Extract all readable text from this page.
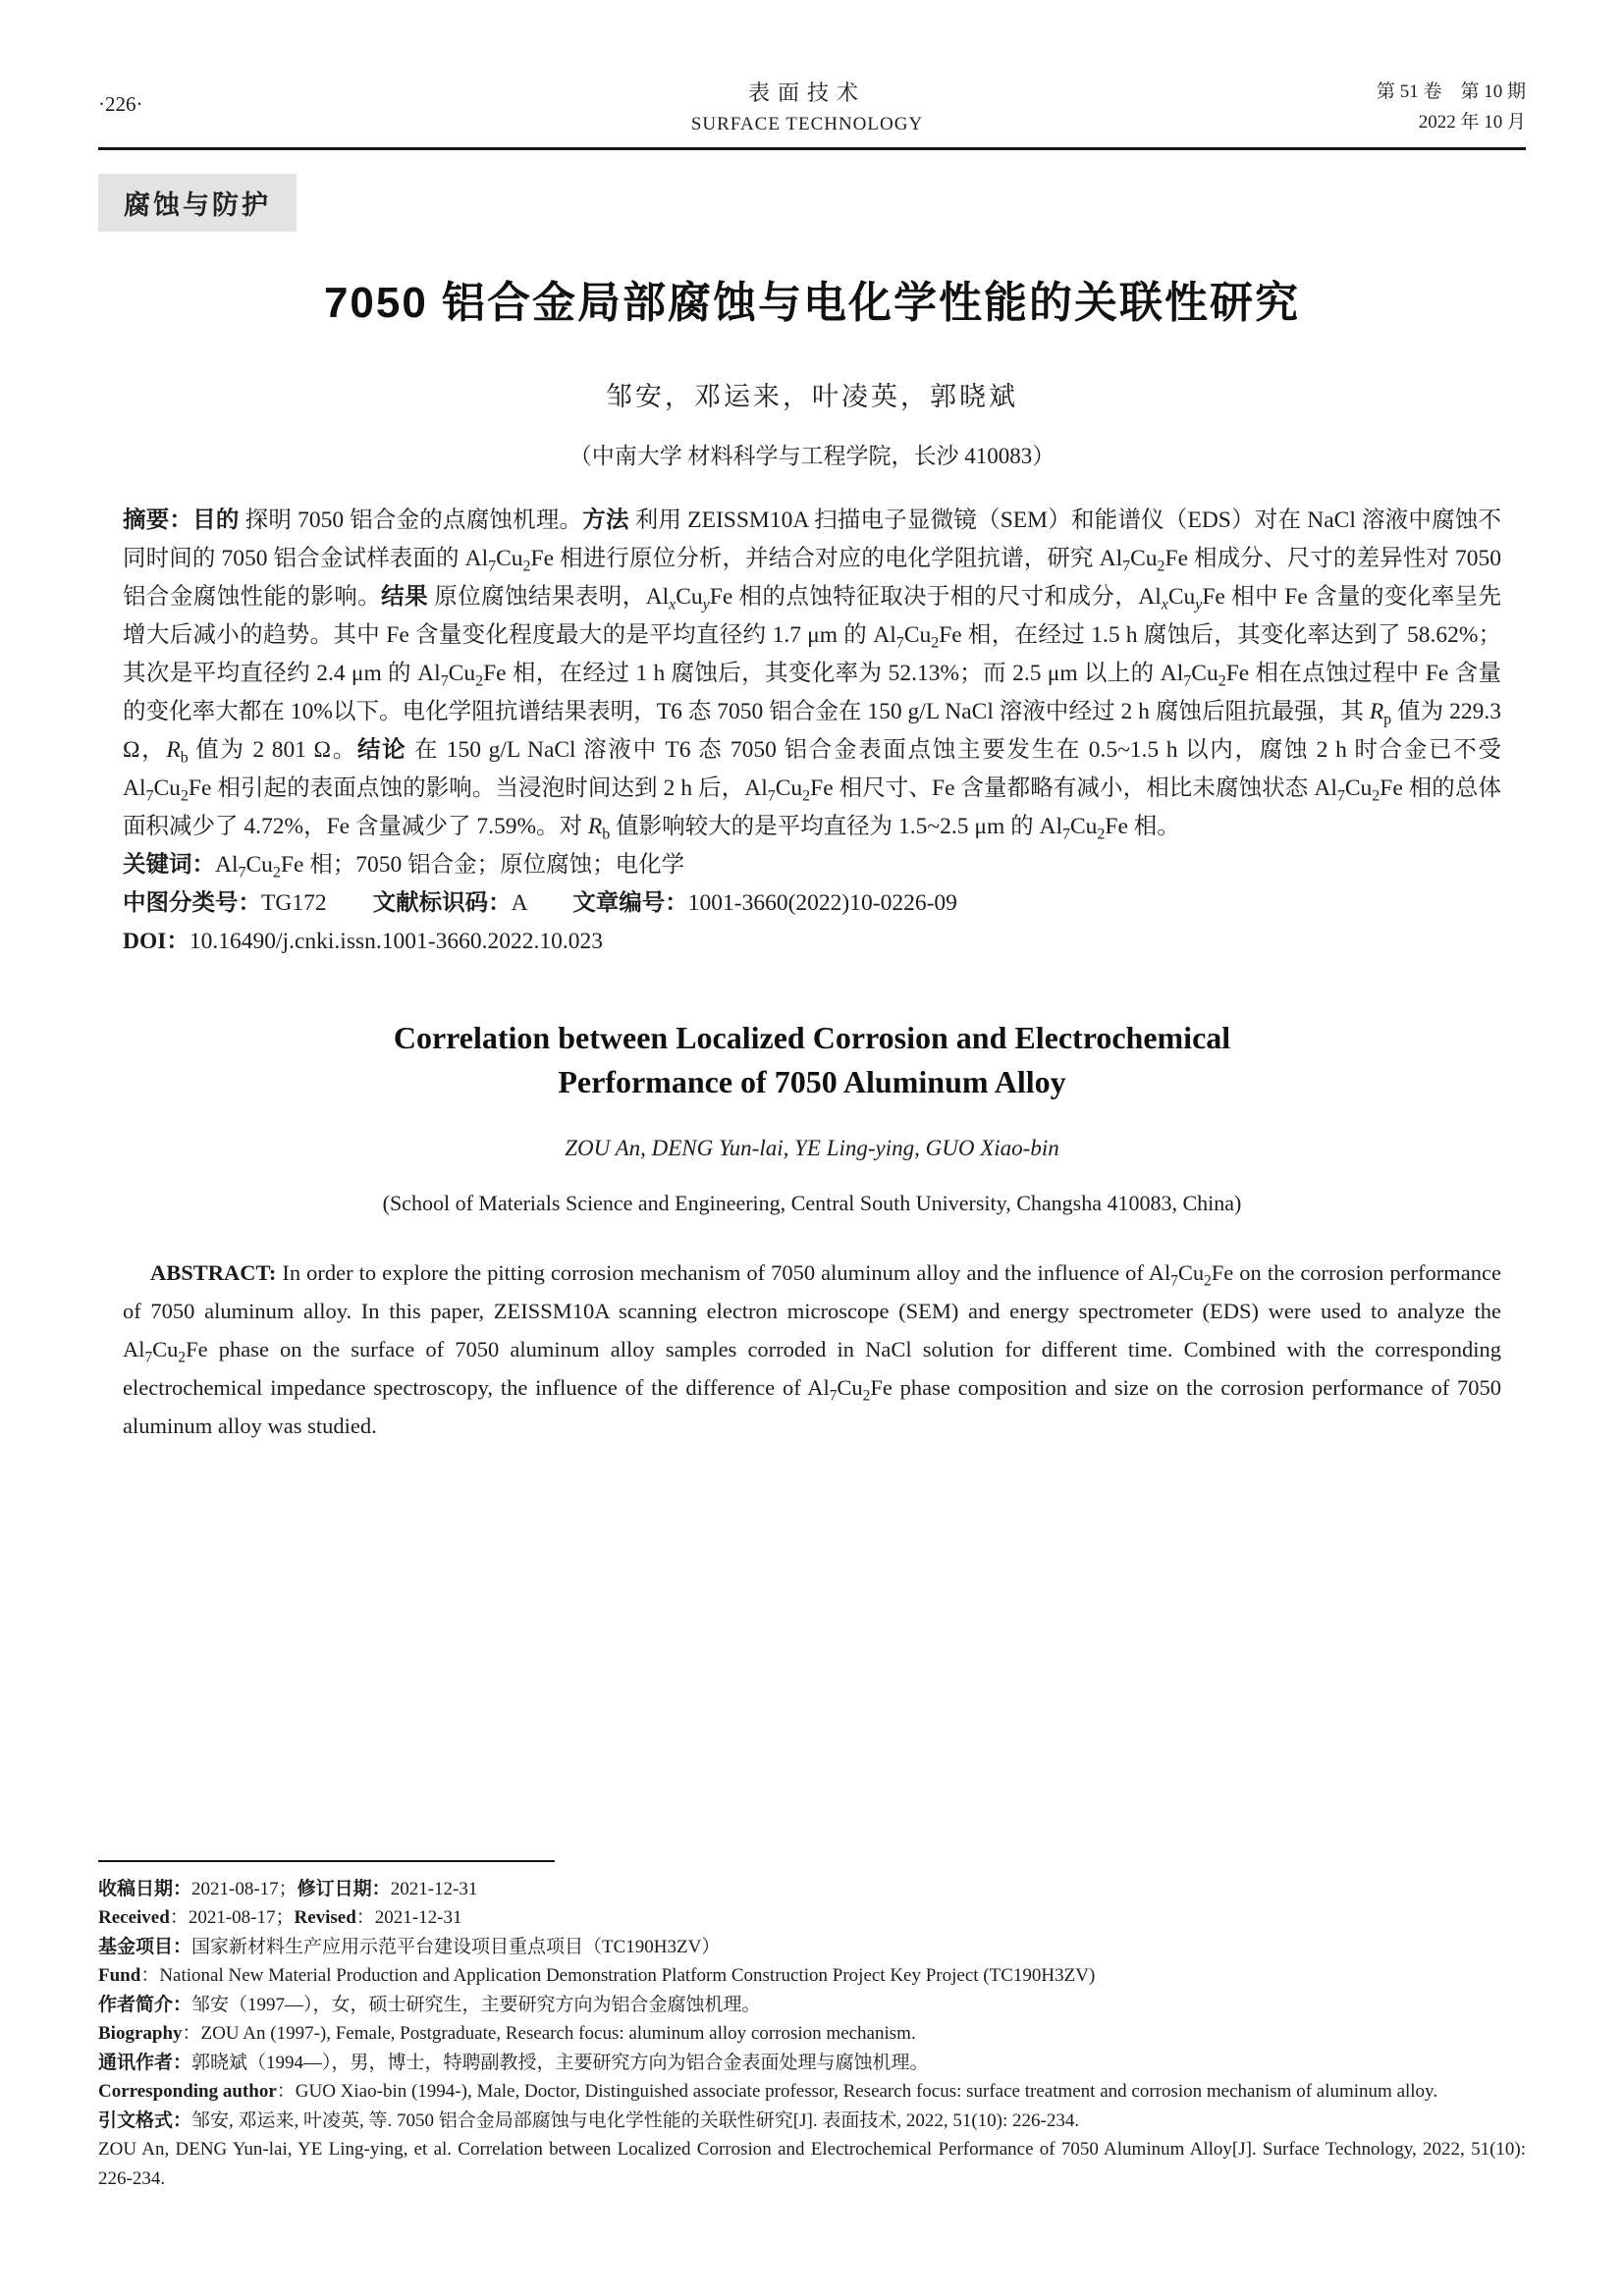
·226·	表面技术
SURFACE TECHNOLOGY
第 51 卷　第 10 期
2022 年 10 月
腐蚀与防护
7050 铝合金局部腐蚀与电化学性能的关联性研究
邹安，邓运来，叶凌英，郭晓斌
（中南大学 材料科学与工程学院，长沙 410083）

摘要：目的 探明 7050 铝合金的点腐蚀机理。方法 利用 ZEISSM10A 扫描电子显微镜（SEM）和能谱仪（EDS）对在 NaCl 溶液中腐蚀不同时间的 7050 铝合金试样表面的 $Al_7Cu_2Fe$ 相进行原位分析，并结合对应的电化学阻抗谱，研究 $Al_7Cu_2Fe$ 相成分、尺寸的差异性对 7050 铝合金腐蚀性能的影响。结果 原位腐蚀结果表明，$Al_xCu_yFe$ 相的点蚀特征取决于相的尺寸和成分，$Al_xCu_yFe$ 相中 Fe 含量的变化率呈先增大后减小的趋势。其中 Fe 含量变化程度最大的是平均直径约 1.7 μm 的 $Al_7Cu_2Fe$ 相，在经过 1.5 h 腐蚀后，其变化率达到了 58.62%；其次是平均直径约 2.4 μm 的 $Al_7Cu_2Fe$ 相，在经过 1 h 腐蚀后，其变化率为 52.13%；而 2.5 μm 以上的 $Al_7Cu_2Fe$ 相在点蚀过程中 Fe 含量的变化率大都在 10%以下。电化学阻抗谱结果表明，T6 态 7050 铝合金在 150 g/L NaCl 溶液中经过 2 h 腐蚀后阻抗最强，其 $R_p$ 值为 229.3 Ω，$R_b$ 值为 2 801 Ω。结论 在 150 g/L NaCl 溶液中 T6 态 7050 铝合金表面点蚀主要发生在 0.5~1.5 h 以内，腐蚀 2 h 时合金已不受 $Al_7Cu_2Fe$ 相引起的表面点蚀的影响。当浸泡时间达到 2 h 后，$Al_7Cu_2Fe$ 相尺寸、Fe 含量都略有减小，相比未腐蚀状态 $Al_7Cu_2Fe$ 相的总体面积减少了 4.72%，Fe 含量减少了 7.59%。对 $R_b$ 值影响较大的是平均直径为 1.5~2.5 μm 的 $Al_7Cu_2Fe$ 相。

关键词：$Al_7Cu_2Fe$ 相；7050 铝合金；原位腐蚀；电化学

中图分类号：TG172　　文献标识码：A　　文章编号：1001-3660(2022)10-0226-09

DOI：10.16490/j.cnki.issn.1001-3660.2022.10.023

Correlation between Localized Corrosion and Electrochemical
Performance of 7050 Aluminum Alloy
ZOU An, DENG Yun-lai, YE Ling-ying, GUO Xiao-bin
(School of Materials Science and Engineering, Central South University, Changsha 410083, China)

ABSTRACT: In order to explore the pitting corrosion mechanism of 7050 aluminum alloy and the influence of $Al_7Cu_2Fe$ on the corrosion performance of 7050 aluminum alloy. In this paper, ZEISSM10A scanning electron microscope (SEM) and energy spectrometer (EDS) were used to analyze the $Al_7Cu_2Fe$ phase on the surface of 7050 aluminum alloy samples corroded in NaCl solution for different time. Combined with the corresponding electrochemical impedance spectroscopy, the influence of the difference of $Al_7Cu_2Fe$ phase composition and size on the corrosion performance of 7050 aluminum alloy was studied.

收稿日期：2021-08-17；修订日期：2021-12-31

Received：2021-08-17；Revised：2021-12-31

基金项目：国家新材料生产应用示范平台建设项目重点项目（TC190H3ZV）

Fund：National New Material Production and Application Demonstration Platform Construction Project Key Project (TC190H3ZV)

作者简介：邹安（1997—），女，硕士研究生，主要研究方向为铝合金腐蚀机理。

Biography：ZOU An (1997-), Female, Postgraduate, Research focus: aluminum alloy corrosion mechanism.

通讯作者：郭晓斌（1994—），男，博士，特聘副教授，主要研究方向为铝合金表面处理与腐蚀机理。

Corresponding author：GUO Xiao-bin (1994-), Male, Doctor, Distinguished associate professor, Research focus: surface treatment and corrosion mechanism of aluminum alloy.

引文格式：邹安, 邓运来, 叶凌英, 等. 7050 铝合金局部腐蚀与电化学性能的关联性研究[J]. 表面技术, 2022, 51(10): 226-234.

ZOU An, DENG Yun-lai, YE Ling-ying, et al. Correlation between Localized Corrosion and Electrochemical Performance of 7050 Aluminum Alloy[J]. Surface Technology, 2022, 51(10): 226-234.
